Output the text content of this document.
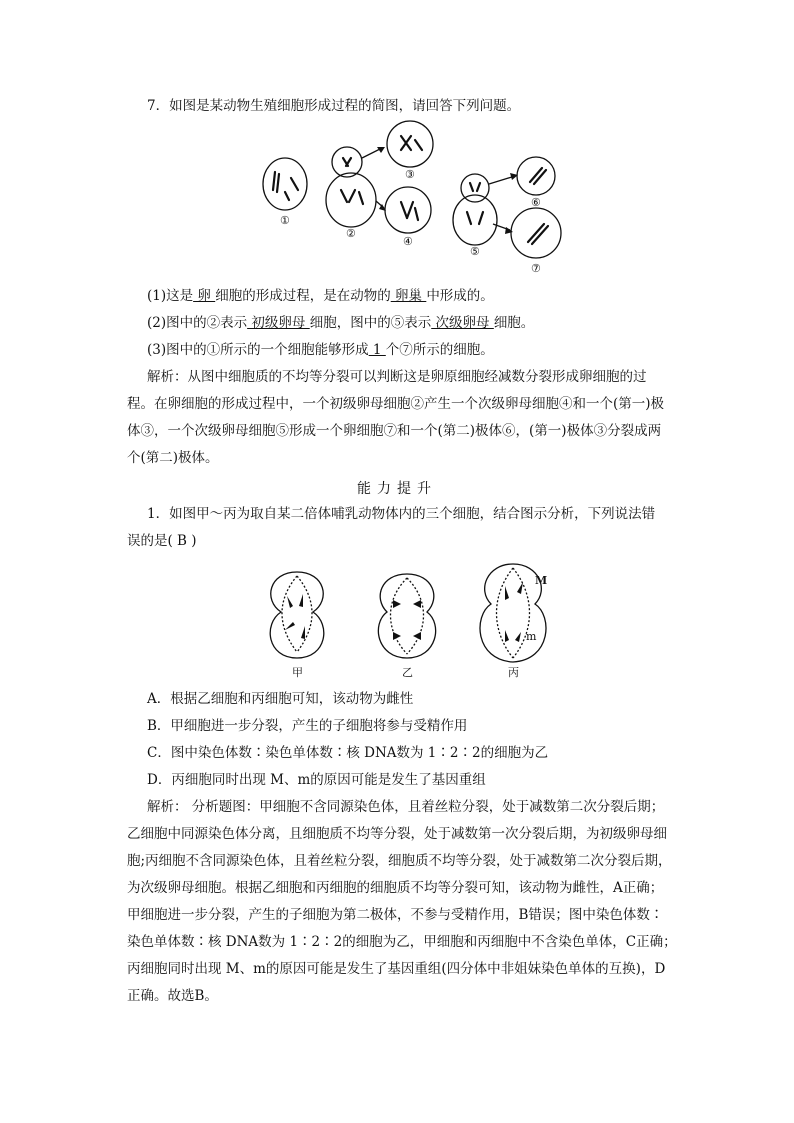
7．如图是某动物生殖细胞形成过程的简图，请回答下列问题。
①
②
③
④
⑤
⑥
⑦
(1)这是 卵 细胞的形成过程，是在动物的 卵巢 中形成的。
(2)图中的②表示 初级卵母 细胞，图中的⑤表示 次级卵母 细胞。
(3)图中的①所示的一个细胞能够形成 1 个⑦所示的细胞。
解析：从图中细胞质的不均等分裂可以判断这是卵原细胞经减数分裂形成卵细胞的过
程。在卵细胞的形成过程中，一个初级卵母细胞②产生一个次级卵母细胞④和一个(第一)极
体③，一个次级卵母细胞⑤形成一个卵细胞⑦和一个(第二)极体⑥，(第一)极体③分裂成两
个(第二)极体。
能力提升
1．如图甲～丙为取自某二倍体哺乳动物体内的三个细胞，结合图示分析，下列说法错
误的是( B )
M
m
甲	乙	丙
A．根据乙细胞和丙细胞可知，该动物为雌性
B．甲细胞进一步分裂，产生的子细胞将参与受精作用
C．图中染色体数∶染色单体数∶核 DNA数为 1∶2∶2的细胞为乙
D．丙细胞同时出现 M、m的原因可能是发生了基因重组
解析： 分析题图：甲细胞不含同源染色体，且着丝粒分裂，处于减数第二次分裂后期；
乙细胞中同源染色体分离，且细胞质不均等分裂，处于减数第一次分裂后期，为初级卵母细
胞;丙细胞不含同源染色体，且着丝粒分裂，细胞质不均等分裂，处于减数第二次分裂后期，
为次级卵母细胞。根据乙细胞和丙细胞的细胞质不均等分裂可知，该动物为雌性，A正确；
甲细胞进一步分裂，产生的子细胞为第二极体，不参与受精作用，B错误；图中染色体数∶
染色单体数∶核 DNA数为 1∶2∶2的细胞为乙，甲细胞和丙细胞中不含染色单体，C正确；
丙细胞同时出现 M、m的原因可能是发生了基因重组(四分体中非姐妹染色单体的互换)，D
正确。故选B。
